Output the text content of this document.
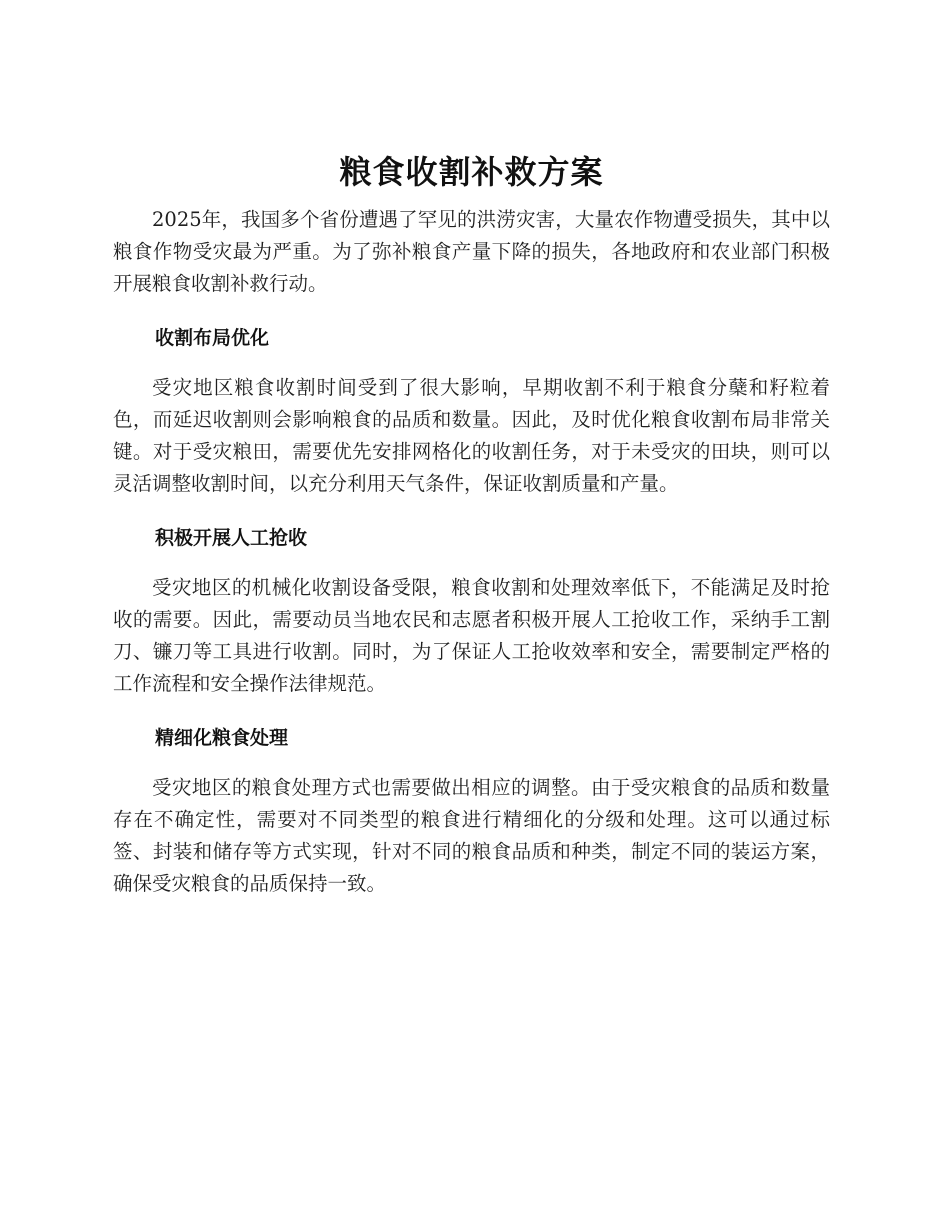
粮食收割补救方案

2025年，我国多个省份遭遇了罕见的洪涝灾害，大量农作物遭受损失，其中以粮食作物受灾最为严重。为了弥补粮食产量下降的损失，各地政府和农业部门积极开展粮食收割补救行动。

收割布局优化

受灾地区粮食收割时间受到了很大影响，早期收割不利于粮食分蘖和籽粒着色，而延迟收割则会影响粮食的品质和数量。因此，及时优化粮食收割布局非常关键。对于受灾粮田，需要优先安排网格化的收割任务，对于未受灾的田块，则可以灵活调整收割时间，以充分利用天气条件，保证收割质量和产量。

积极开展人工抢收

受灾地区的机械化收割设备受限，粮食收割和处理效率低下，不能满足及时抢收的需要。因此，需要动员当地农民和志愿者积极开展人工抢收工作，采纳手工割刀、镰刀等工具进行收割。同时，为了保证人工抢收效率和安全，需要制定严格的工作流程和安全操作法律规范。

精细化粮食处理

受灾地区的粮食处理方式也需要做出相应的调整。由于受灾粮食的品质和数量存在不确定性，需要对不同类型的粮食进行精细化的分级和处理。这可以通过标签、封装和储存等方式实现，针对不同的粮食品质和种类，制定不同的装运方案，确保受灾粮食的品质保持一致。
